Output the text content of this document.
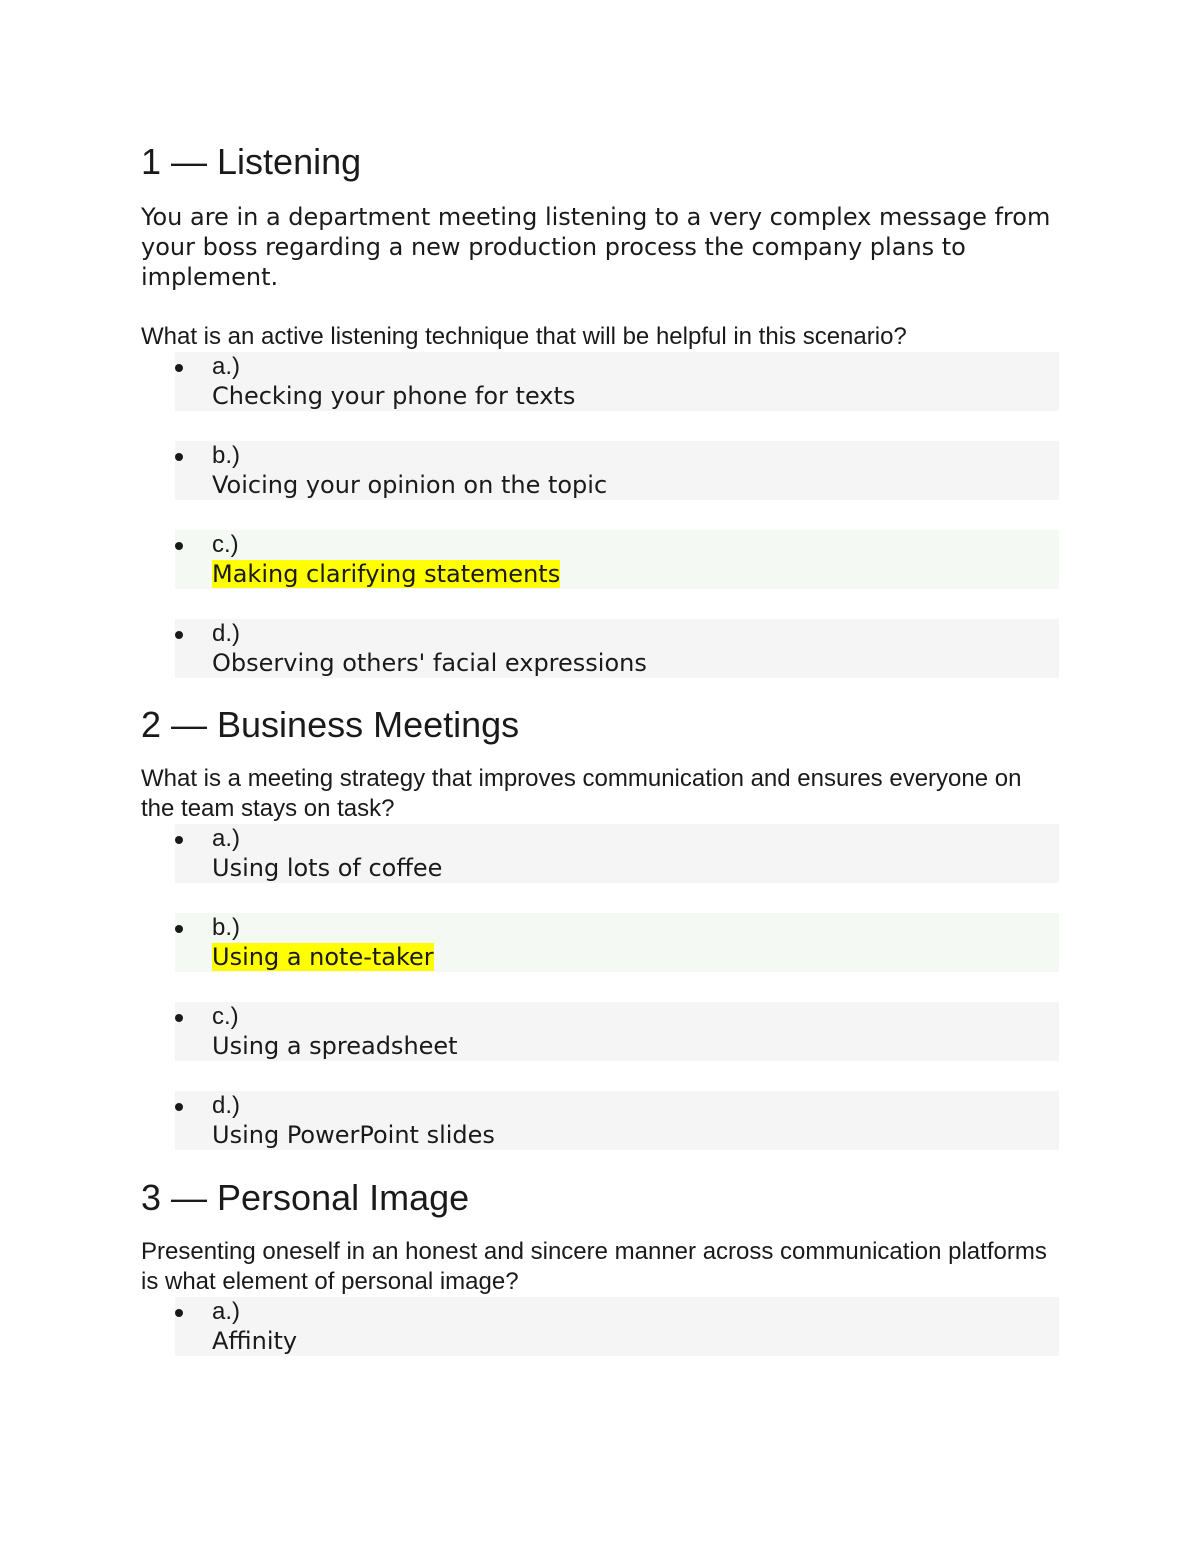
1 — Listening

You are in a department meeting listening to a very complex message from your boss regarding a new production process the company plans to implement.

What is an active listening technique that will be helpful in this scenario?

a.)
Checking your phone for texts
b.)
Voicing your opinion on the topic
c.)
Making clarifying statements
d.)
Observing others' facial expressions
2 — Business Meetings

What is a meeting strategy that improves communication and ensures everyone on the team stays on task?

a.)
Using lots of coffee
b.)
Using a note-taker
c.)
Using a spreadsheet
d.)
Using PowerPoint slides
3 — Personal Image

Presenting oneself in an honest and sincere manner across communication platforms is what element of personal image?

a.)
Affinity
